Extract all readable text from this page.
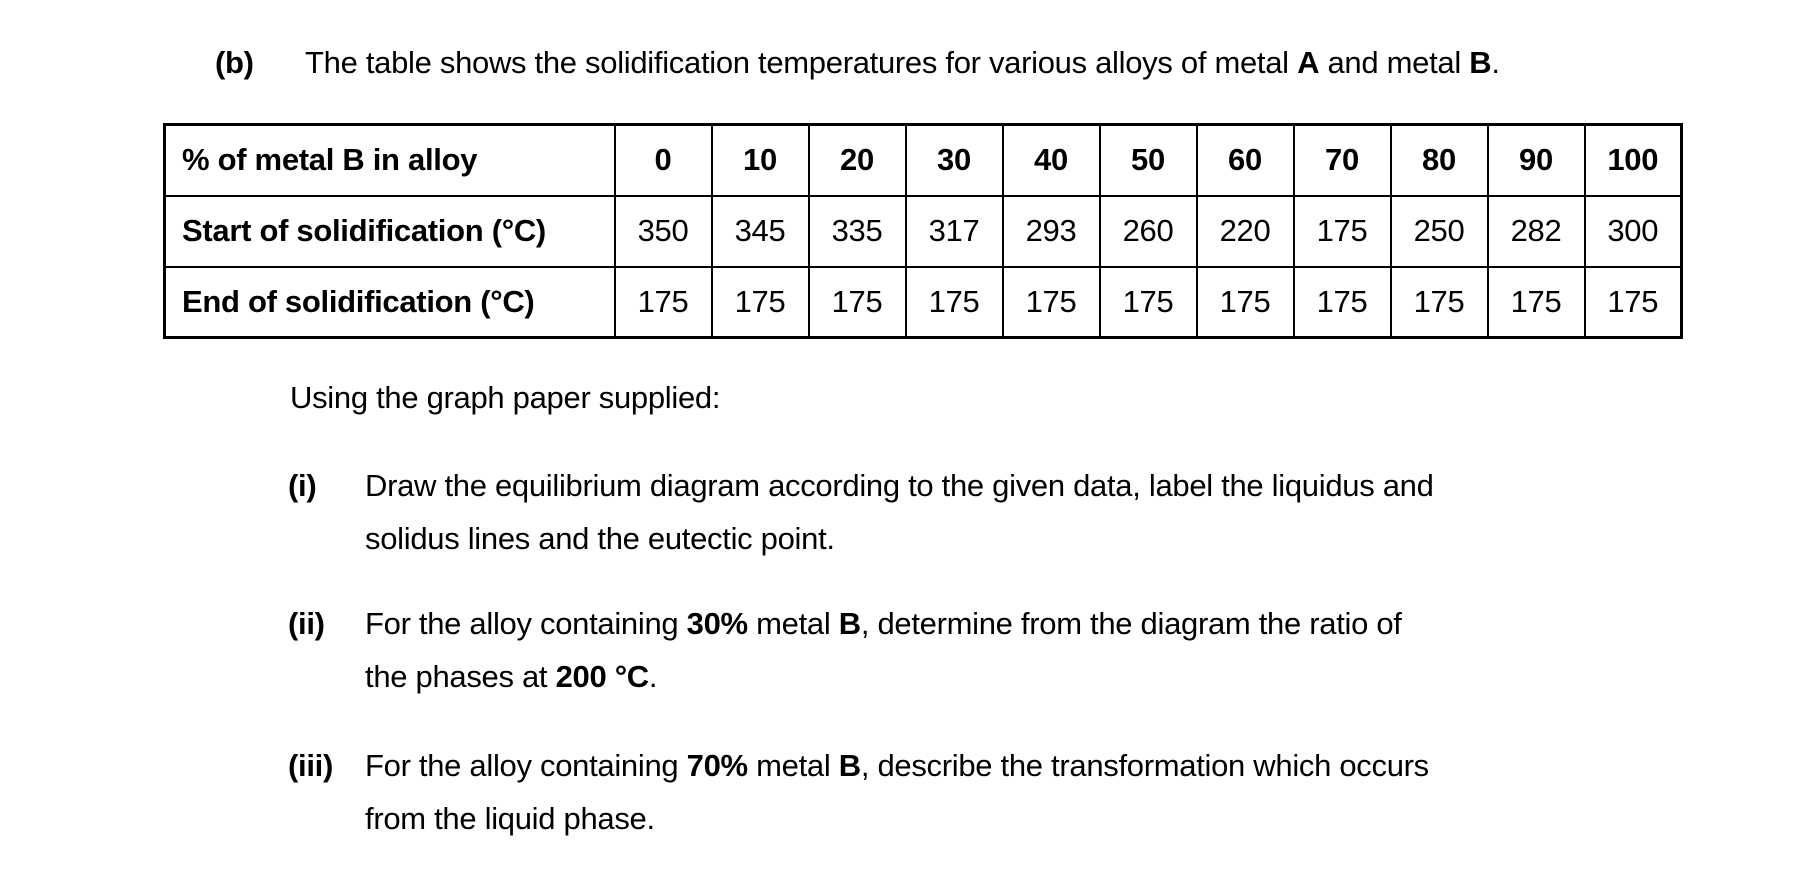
(b)	The table shows the solidification temperatures for various alloys of metal A and metal B.
% of metal B in alloy	0	10	20	30	40	50	60	70	80	90	100
Start of solidification (°C)	350	345	335	317	293	260	220	175	250	282	300
End of solidification (°C)	175	175	175	175	175	175	175	175	175	175	175
Using the graph paper supplied:
(i)	Draw the equilibrium diagram according to the given data, label the liquidus and
solidus lines and the eutectic point.
(ii)	For the alloy containing 30% metal B, determine from the diagram the ratio of
the phases at 200 °C.
(iii)	For the alloy containing 70% metal B, describe the transformation which occurs
from the liquid phase.
